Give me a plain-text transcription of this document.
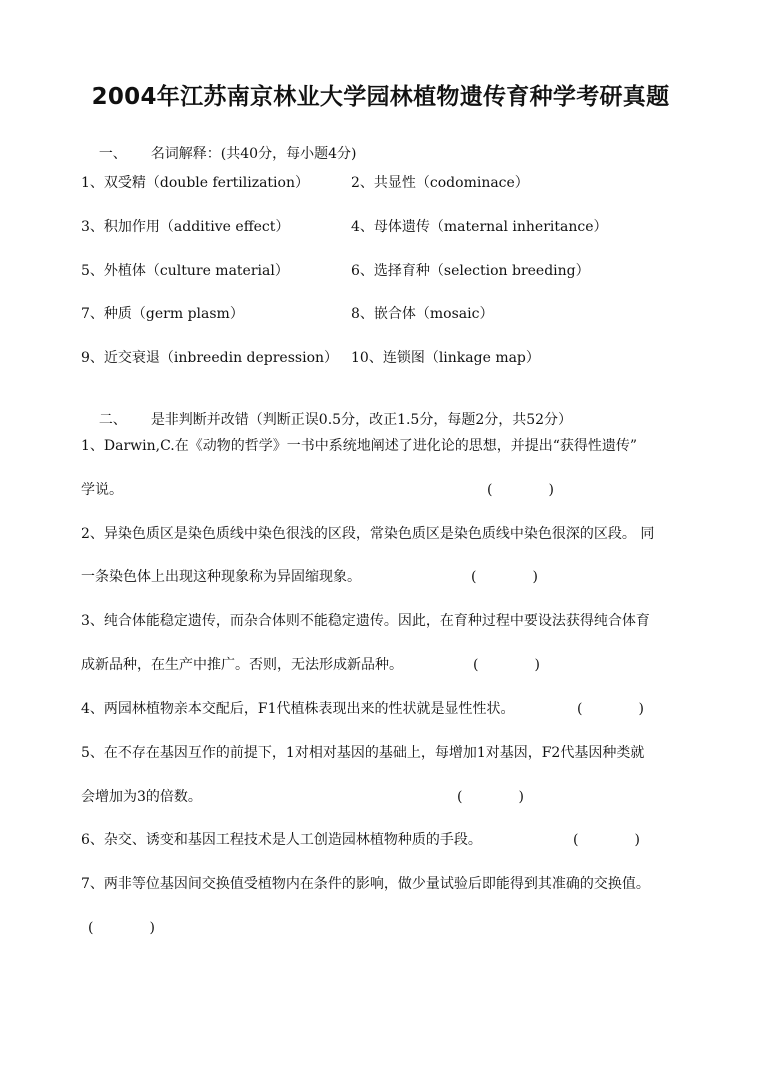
2004年江苏南京林业大学园林植物遗传育种学考研真题

一、 名词解释：(共40分，每小题4分)

1、双受精（double fertilization）	2、共显性（codominace）
3、积加作用（additive effect）	4、母体遗传（maternal inheritance）
5、外植体（culture material）	6、选择育种（selection breeding）
7、种质（germ plasm）	8、嵌合体（mosaic）
9、近交衰退（inbreedin depression） 10、连锁图（linkage map）

二、 是非判断并改错（判断正误0.5分，改正1.5分，每题2分，共52分）

1、Darwin,C.在《动物的哲学》一书中系统地阐述了进化论的思想，并提出“获得性遗传”
学说。	(　　　　)
2、异染色质区是染色质线中染色很浅的区段，常染色质区是染色质线中染色很深的区段。 同
一条染色体上出现这种现象称为异固缩现象。	(　　　　)
3、纯合体能稳定遗传，而杂合体则不能稳定遗传。因此，在育种过程中要设法获得纯合体育
成新品种，在生产中推广。否则，无法形成新品种。	(　　　　)
4、两园林植物亲本交配后，F1代植株表现出来的性状就是显性性状。	(　　　　)
5、在不存在基因互作的前提下，1对相对基因的基础上，每增加1对基因，F2代基因种类就
会增加为3的倍数。	(　　　　)
6、杂交、诱变和基因工程技术是人工创造园林植物种质的手段。	(　　　　)
7、两非等位基因间交换值受植物内在条件的影响，做少量试验后即能得到其准确的交换值。
(　　　　)
